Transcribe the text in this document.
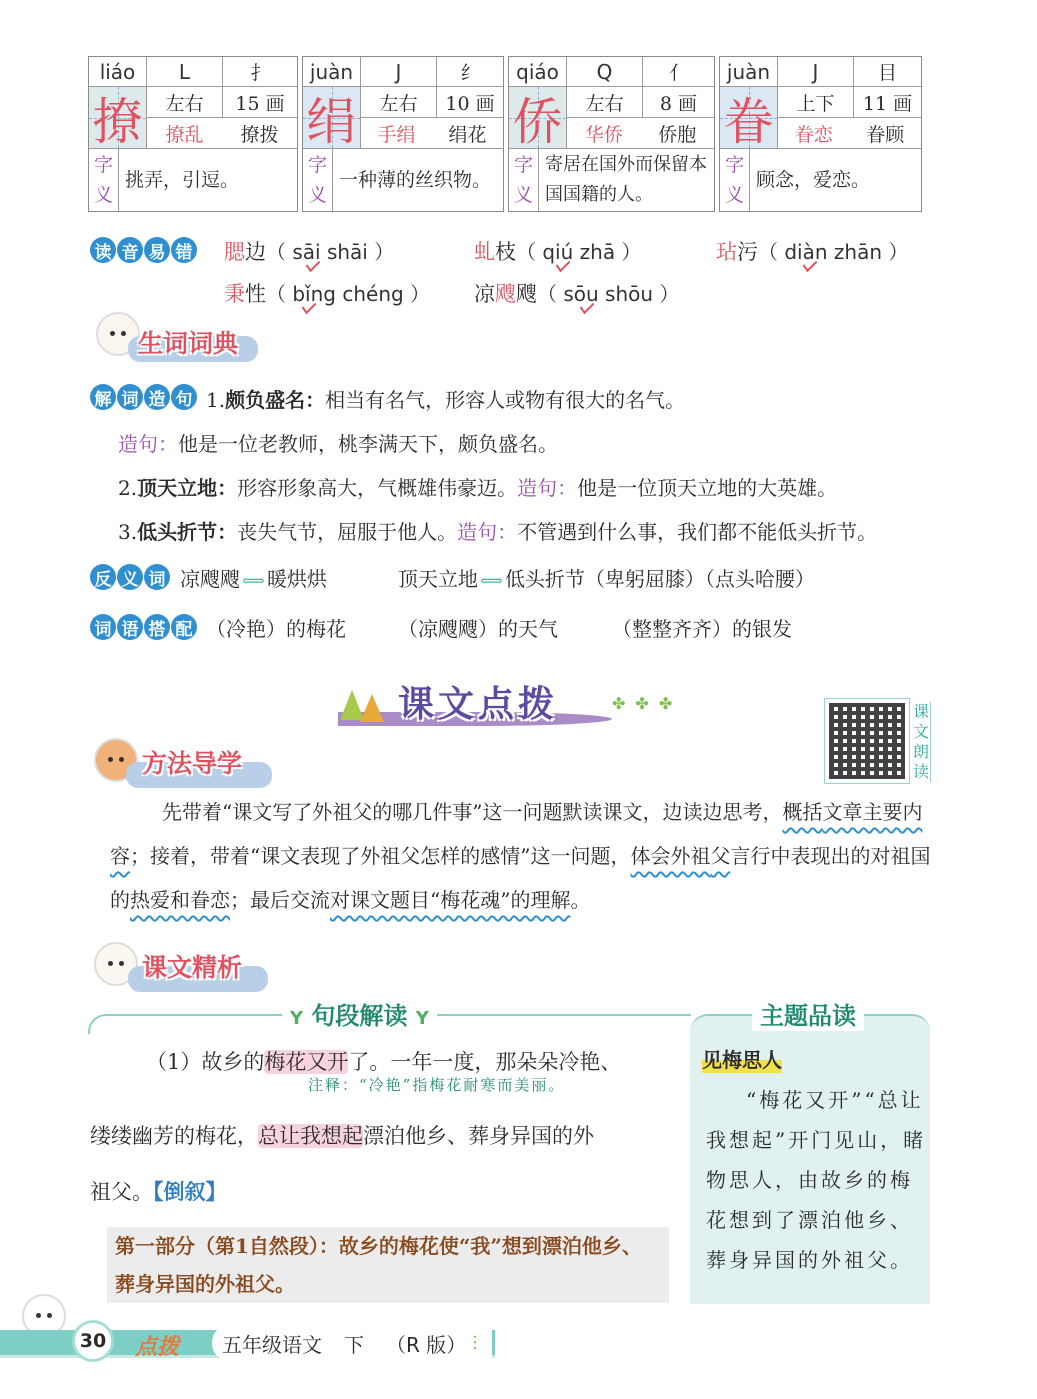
liáo	L	扌
撩	左右	15 画
撩乱 撩拨
字
义
挑弄，引逗。
juàn	J	纟
绢	左右	10 画
手绢 绢花
字
义
一种薄的丝织物。
qiáo	Q	亻
侨	左右	8 画
华侨 侨胞
字
义
寄居在国外而保留本国国籍的人。
juàn	J	目
眷	上下	11 画
眷恋 眷顾
字
义
顾念，爱恋。
读 音 易 错 腮边（ sāi shāi ）	虬枝（ qiú zhā ）	玷污（ diàn zhān ）
秉性（ bǐng chéng ） 凉飕飕（ sōu shōu ）
生词词典
解 词 造 句 1.颇负盛名：相当有名气，形容人或物有很大的名气。
造句：他是一位老教师，桃李满天下，颇负盛名。
2.顶天立地：形容形象高大，气概雄伟豪迈。造句：他是一位顶天立地的大英雄。
3.低头折节：丧失气节，屈服于他人。造句：不管遇到什么事，我们都不能低头折节。
反 义 词 凉飕飕 ⟺ 暖烘烘	顶天立地 ⟺ 低头折节（卑躬屈膝）（点头哈腰）
词 语 搭 配 （冷艳）的梅花	（凉飕飕）的天气	（整整齐齐）的银发
课文点拨	✤✤✤	课
文
朗
读
方法导学
先带着“课文写了外祖父的哪几件事”这一问题默读课文，边读边思考，概括文章主要内容；接着，带着“课文表现了外祖父怎样的感情”这一问题，体会外祖父言行中表现出的对祖国的热爱和眷恋；最后交流对课文题目“梅花魂”的理解。
课文精析
Y 句段解读 Y	主题品读
（1）故乡的梅花又开了。一年一度，那朵朵冷艳、
注释：“冷艳”指梅花耐寒而美丽。
缕缕幽芳的梅花，总让我想起漂泊他乡、葬身异国的外
祖父。【倒叙】
第一部分（第1自然段）：故乡的梅花使“我”想到漂泊他乡、葬身异国的外祖父。
见梅思人
“梅花又开”“总让我想起”开门见山，睹物思人，由故乡的梅花想到了漂泊他乡、葬身异国的外祖父。
30	点拨 五年级语文 下 （R 版） ⫶
